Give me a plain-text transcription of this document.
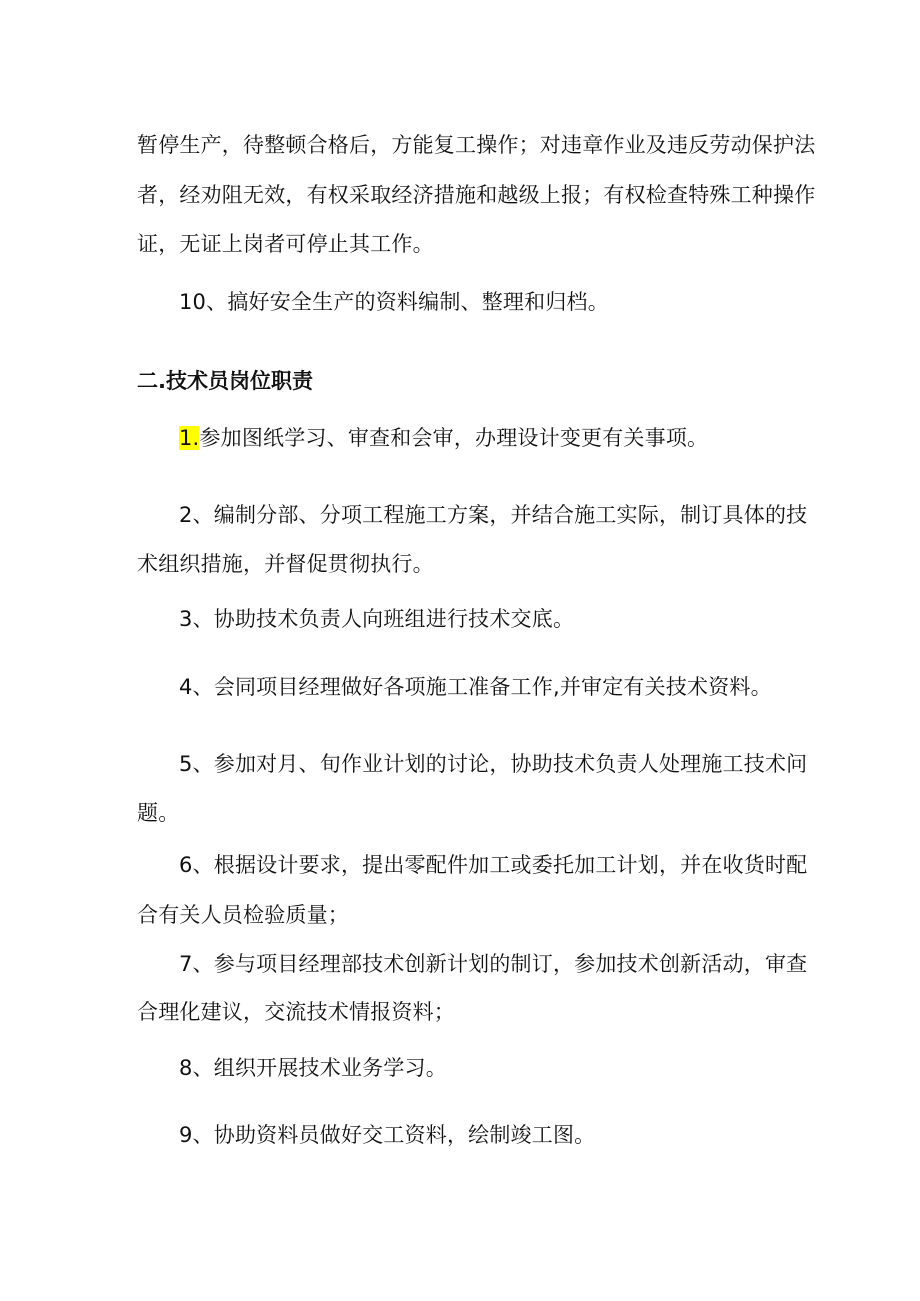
暂停生产，待整顿合格后，方能复工操作；对违章作业及违反劳动保护法
者，经劝阻无效，有权采取经济措施和越级上报；有权检查特殊工种操作
证，无证上岗者可停止其工作。
10、搞好安全生产的资料编制、整理和归档。
二.技术员岗位职责
1.参加图纸学习、审查和会审，办理设计变更有关事项。
2、编制分部、分项工程施工方案，并结合施工实际，制订具体的技
术组织措施，并督促贯彻执行。
3、协助技术负责人向班组进行技术交底。
4、会同项目经理做好各项施工准备工作,并审定有关技术资料。
5、参加对月、旬作业计划的讨论，协助技术负责人处理施工技术问
题。
6、根据设计要求，提出零配件加工或委托加工计划，并在收货时配
合有关人员检验质量；
7、参与项目经理部技术创新计划的制订，参加技术创新活动，审查
合理化建议，交流技术情报资料；
8、组织开展技术业务学习。
9、协助资料员做好交工资料，绘制竣工图。
